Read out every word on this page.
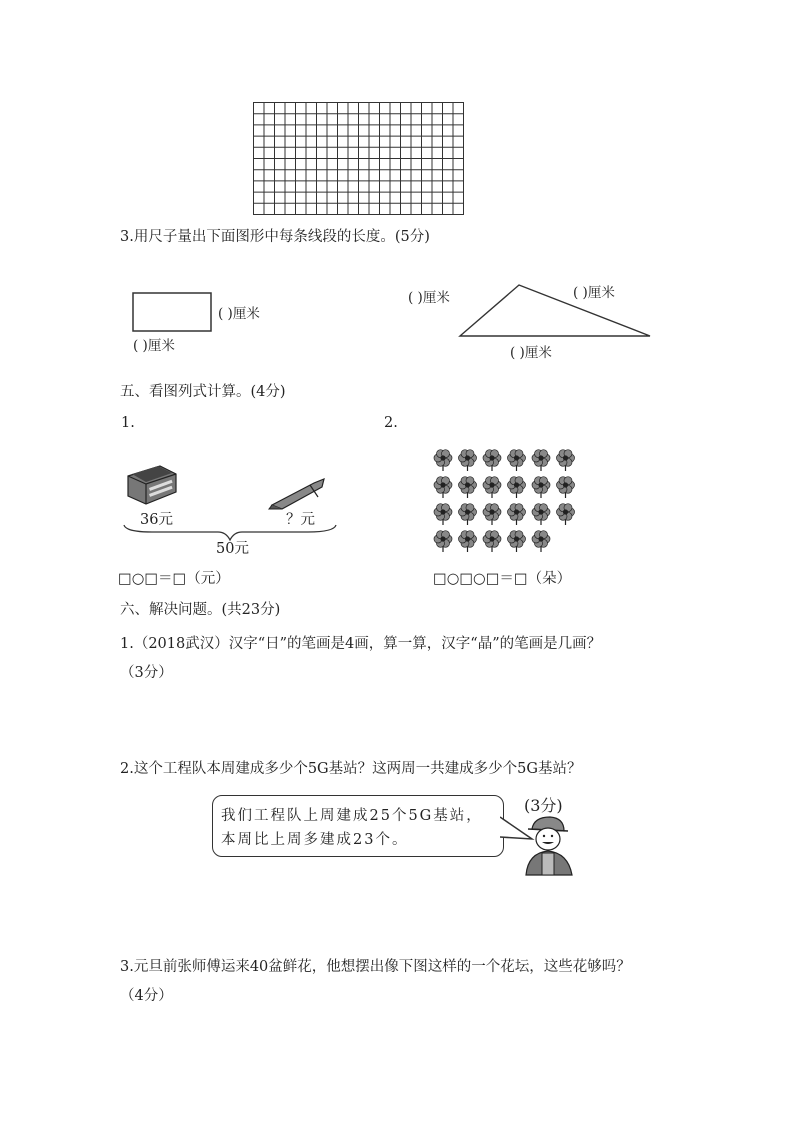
3.用尺子量出下面图形中每条线段的长度。(5分)
( )厘米
( )厘米
( )厘米	( )厘米
( )厘米
五、看图列式计算。(4分)
1.	2.
36元	？元
50元
□○□＝□（元）	□○□○□＝□（朵）
六、解决问题。(共23分)
1.（2018武汉）汉字“日”的笔画是4画，算一算，汉字“晶”的笔画是几画？
（3分）
2.这个工程队本周建成多少个5G基站？这两周一共建成多少个5G基站？
我们工程队上周建成25个5G基站，
本周比上周多建成23个。
(3分)
3.元旦前张师傅运来40盆鲜花，他想摆出像下图这样的一个花坛，这些花够吗？
（4分）
